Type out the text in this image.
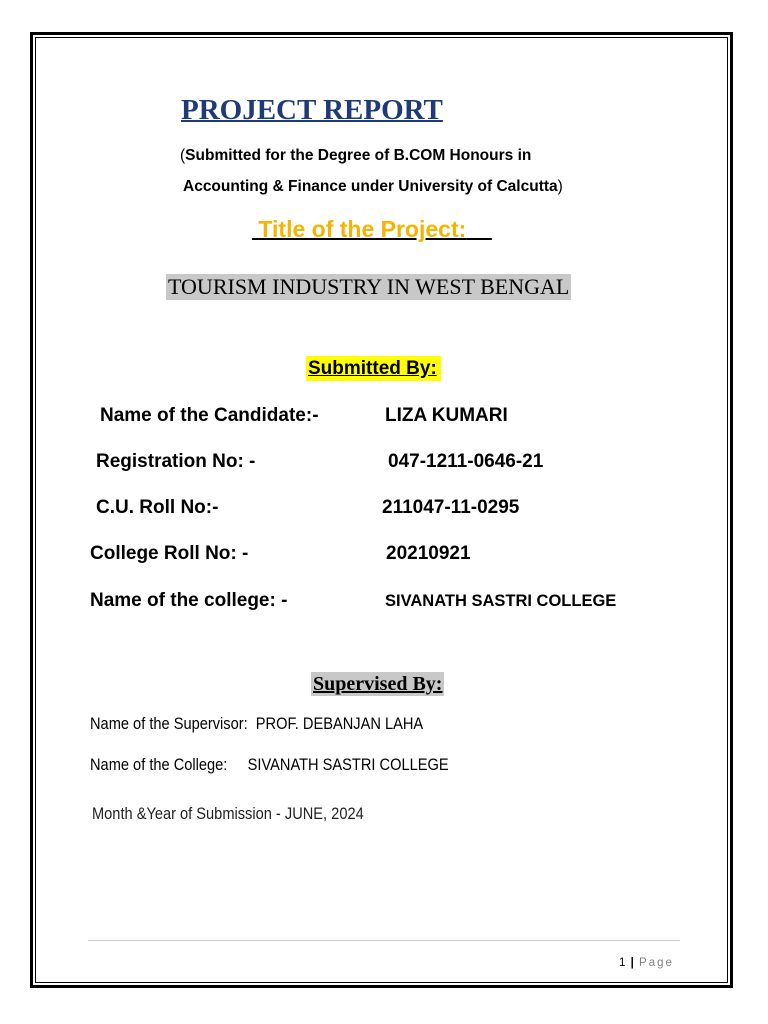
PROJECT REPORT
(Submitted for the Degree of B.COM Honours in
Accounting & Finance under University of Calcutta)
Title of the Project:
TOURISM INDUSTRY IN WEST BENGAL
Submitted By:
Name of the Candidate:-	LIZA KUMARI
Registration No: -	047-1211-0646-21
C.U. Roll No:-	211047-11-0295
College Roll No: -	20210921
Name of the college: -	SIVANATH SASTRI COLLEGE
Supervised By:
Name of the Supervisor: PROF. DEBANJAN LAHA
Name of the College: SIVANATH SASTRI COLLEGE
Month &Year of Submission - JUNE, 2024
1 | Page
